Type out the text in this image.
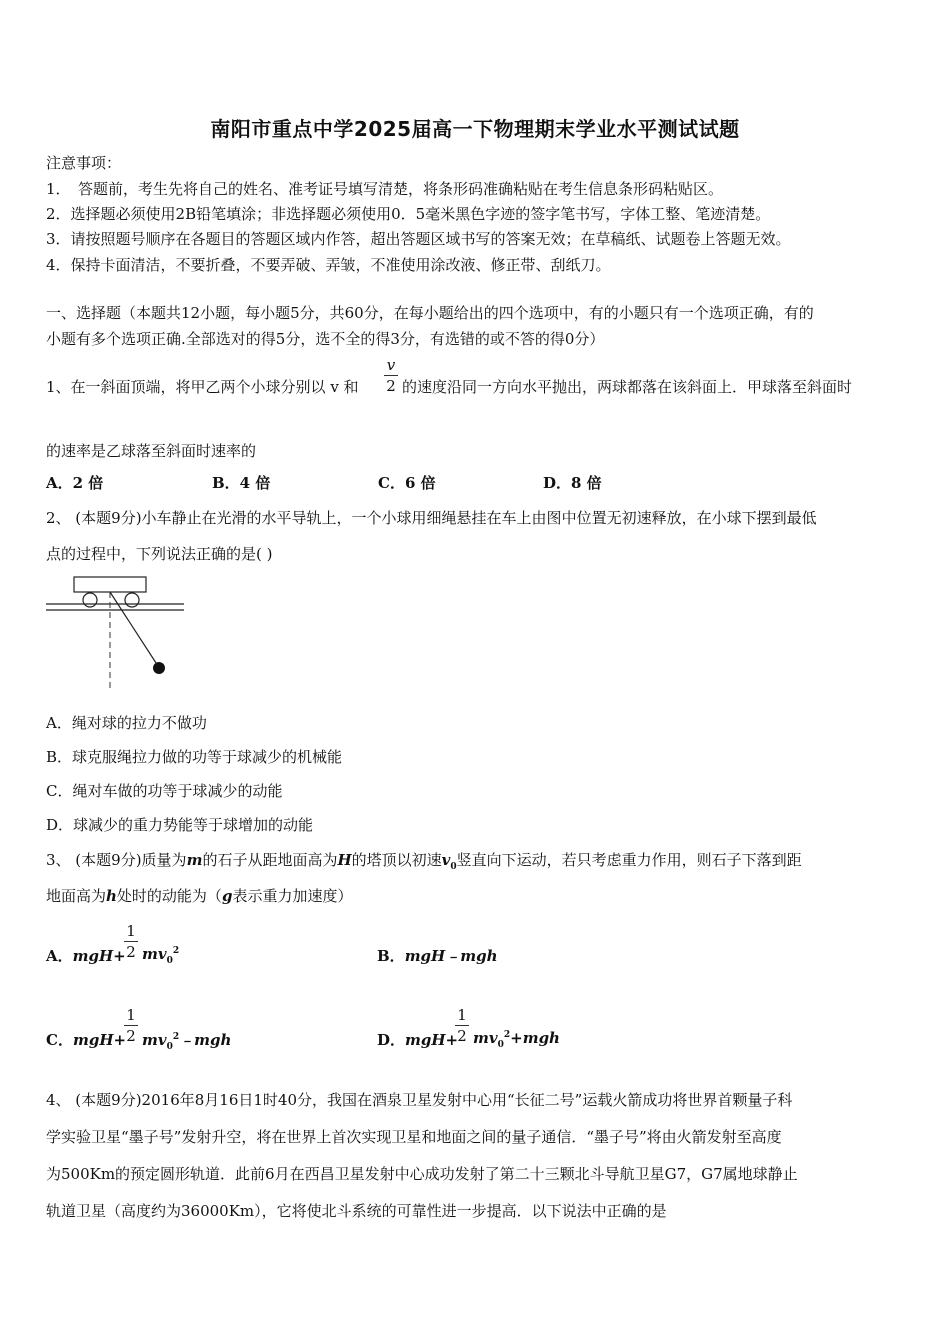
南阳市重点中学2025届高一下物理期末学业水平测试试题
注意事项：
1．　答题前，考生先将自己的姓名、准考证号填写清楚，将条形码准确粘贴在考生信息条形码粘贴区。
2．选择题必须使用2B铅笔填涂；非选择题必须使用0．5毫米黑色字迹的签字笔书写，字体工整、笔迹清楚。
3．请按照题号顺序在各题目的答题区域内作答，超出答题区域书写的答案无效；在草稿纸、试题卷上答题无效。
4．保持卡面清洁，不要折叠，不要弄破、弄皱，不准使用涂改液、修正带、刮纸刀。
一、选择题（本题共12小题，每小题5分，共60分，在每小题给出的四个选项中，有的小题只有一个选项正确，有的
小题有多个选项正确.全部选对的得5分，选不全的得3分，有选错的或不答的得0分）
1、在一斜面顶端，将甲乙两个小球分别以 v 和
v
2 的速度沿同一方向水平抛出，两球都落在该斜面上．甲球落至斜面时
的速率是乙球落至斜面时速率的
A．2 倍	B．4 倍	C．6 倍	D．8 倍
2、 (本题9分)小车静止在光滑的水平导轨上，一个小球用细绳悬挂在车上由图中位置无初速释放，在小球下摆到最低
点的过程中，下列说法正确的是( )
A．绳对球的拉力不做功
B．球克服绳拉力做的功等于球减少的机械能
C．绳对车做的功等于球减少的动能
D．球减少的重力势能等于球增加的动能
3、 (本题9分)质量为m的石子从距地面高为H的塔顶以初速$v_0$竖直向下运动，若只考虑重力作用，则石子下落到距
地面高为h处时的动能为（g表示重力加速度）
A．mgH+
1
2 $mv_0^2$	B．mgH﹣mgh
C．mgH+
1
2 $mv_0^2﹣mgh$	D．mgH+
1
2 $mv_0^2+mgh$
4、 (本题9分)2016年8月16日1时40分，我国在酒泉卫星发射中心用“长征二号”运载火箭成功将世界首颗量子科
学实验卫星“墨子号”发射升空，将在世界上首次实现卫星和地面之间的量子通信．“墨子号”将由火箭发射至高度
为500Km的预定圆形轨道．此前6月在西昌卫星发射中心成功发射了第二十三颗北斗导航卫星G7，G7属地球静止
轨道卫星（高度约为36000Km），它将使北斗系统的可靠性进一步提高．以下说法中正确的是
